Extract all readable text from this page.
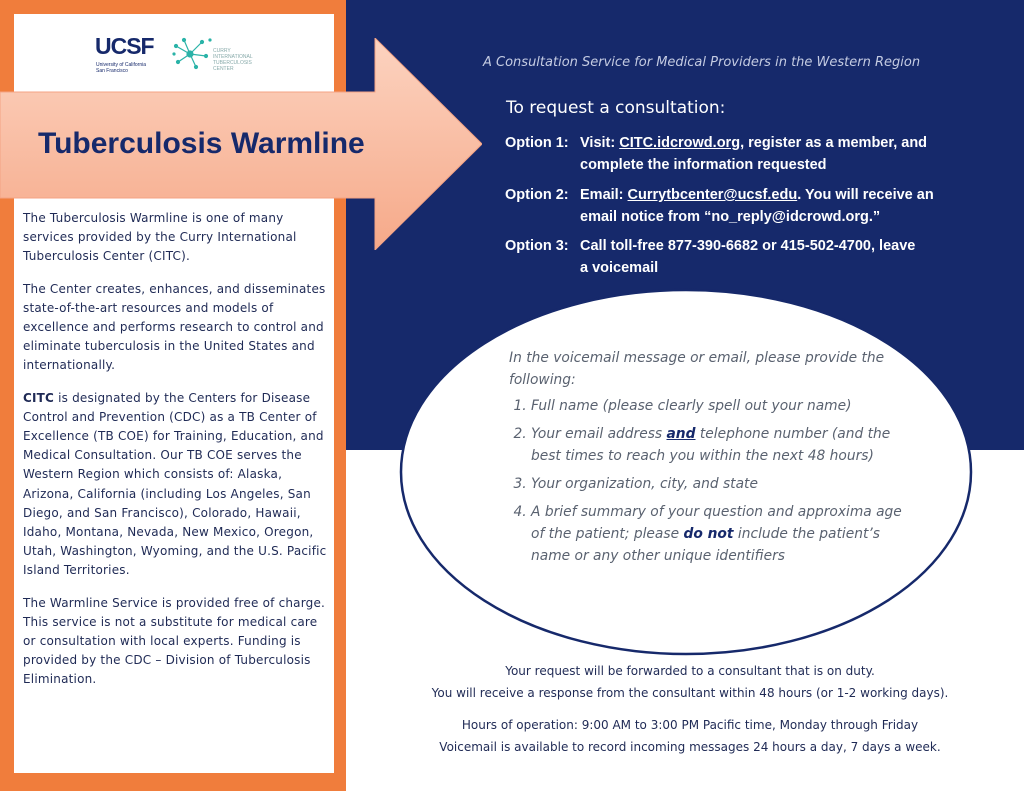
UCSF
University of California San Francisco
CURRY INTERNATIONAL TUBERCULOSIS CENTER
Tuberculosis Warmline

The Tuberculosis Warmline is one of many services provided by the Curry International Tuberculosis Center (CITC).

The Center creates, enhances, and disseminates state-of-the-art resources and models of excellence and performs research to control and eliminate tuberculosis in the United States and internationally.

CITC is designated by the Centers for Disease Control and Prevention (CDC) as a TB Center of Excellence (TB COE) for Training, Education, and Medical Consultation. Our TB COE serves the Western Region which consists of: Alaska, Arizona, California (including Los Angeles, San Diego, and San Francisco), Colorado, Hawaii, Idaho, Montana, Nevada, New Mexico, Oregon, Utah, Washington, Wyoming, and the U.S. Pacific Island Territories.

The Warmline Service is provided free of charge. This service is not a substitute for medical care or consultation with local experts. Funding is provided by the CDC – Division of Tuberculosis Elimination.

A Consultation Service for Medical Providers in the Western Region
To request a consultation:
Option 1: Visit: CITC.idcrowd.org, register as a member, and
complete the information requested
Option 2: Email: Currytbcenter@ucsf.edu. You will receive an
email notice from “no_reply@idcrowd.org.”
Option 3: Call toll-free 877-390-6682 or 415-502-4700, leave
a voicemail
In the voicemail message or email, please provide the following:
1. Full name (please clearly spell out your name)
2. Your email address and telephone number (and the best times to reach you within the next 48 hours)
3. Your organization, city, and state
4. A brief summary of your question and approxima age of the patient; please do not include the patient’s name or any other unique identifiers
Your request will be forwarded to a consultant that is on duty.
You will receive a response from the consultant within 48 hours (or 1-2 working days).
Hours of operation: 9:00 AM to 3:00 PM Pacific time, Monday through Friday
Voicemail is available to record incoming messages 24 hours a day, 7 days a week.
